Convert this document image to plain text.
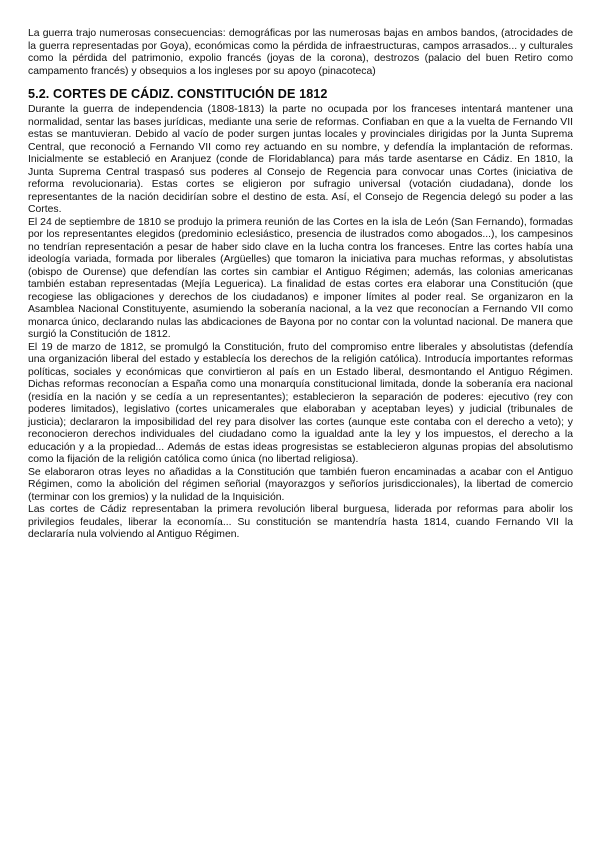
La guerra trajo numerosas consecuencias: demográficas por las numerosas bajas en ambos bandos, (atrocidades de la guerra representadas por Goya), económicas como la pérdida de infraestructuras, campos arrasados... y culturales como la pérdida del patrimonio, expolio francés (joyas de la corona), destrozos (palacio del buen Retiro como campamento francés) y obsequios a los ingleses por su apoyo (pinacoteca)

5.2. CORTES DE CÁDIZ. CONSTITUCIÓN DE 1812

Durante la guerra de independencia (1808-1813) la parte no ocupada por los franceses intentará mantener una normalidad, sentar las bases jurídicas, mediante una serie de reformas. Confiaban en que a la vuelta de Fernando VII estas se mantuvieran. Debido al vacío de poder surgen juntas locales y provinciales dirigidas por la Junta Suprema Central, que reconoció a Fernando VII como rey actuando en su nombre, y defendía la implantación de reformas. Inicialmente se estableció en Aranjuez (conde de Floridablanca) para más tarde asentarse en Cádiz. En 1810, la Junta Suprema Central traspasó sus poderes al Consejo de Regencia para convocar unas Cortes (iniciativa de reforma revolucionaria). Estas cortes se eligieron por sufragio universal (votación ciudadana), donde los representantes de la nación decidirían sobre el destino de esta. Así, el Consejo de Regencia delegó su poder a las Cortes.

El 24 de septiembre de 1810 se produjo la primera reunión de las Cortes en la isla de León (San Fernando), formadas por los representantes elegidos (predominio eclesiástico, presencia de ilustrados como abogados...), los campesinos no tendrían representación a pesar de haber sido clave en la lucha contra los franceses. Entre las cortes había una ideología variada, formada por liberales (Argüelles) que tomaron la iniciativa para muchas reformas, y absolutistas (obispo de Ourense) que defendían las cortes sin cambiar el Antiguo Régimen; además, las colonias americanas también estaban representadas (Mejía Leguerica). La finalidad de estas cortes era elaborar una Constitución (que recogiese las obligaciones y derechos de los ciudadanos) e imponer límites al poder real. Se organizaron en la Asamblea Nacional Constituyente, asumiendo la soberanía nacional, a la vez que reconocían a Fernando VII como monarca único, declarando nulas las abdicaciones de Bayona por no contar con la voluntad nacional. De manera que surgió la Constitución de 1812.

El 19 de marzo de 1812, se promulgó la Constitución, fruto del compromiso entre liberales y absolutistas (defendía una organización liberal del estado y establecía los derechos de la religión católica). Introducía importantes reformas políticas, sociales y económicas que convirtieron al país en un Estado liberal, desmontando el Antiguo Régimen. Dichas reformas reconocían a España como una monarquía constitucional limitada, donde la soberanía era nacional (residía en la nación y se cedía a un representantes); establecieron la separación de poderes: ejecutivo (rey con poderes limitados), legislativo (cortes unicamerales que elaboraban y aceptaban leyes) y judicial (tribunales de justicia); declararon la imposibilidad del rey para disolver las cortes (aunque este contaba con el derecho a veto); y reconocieron derechos individuales del ciudadano como la igualdad ante la ley y los impuestos, el derecho a la educación y a la propiedad... Además de estas ideas progresistas se establecieron algunas propias del absolutismo como la fijación de la religión católica como única (no libertad religiosa).

Se elaboraron otras leyes no añadidas a la Constitución que también fueron encaminadas a acabar con el Antiguo Régimen, como la abolición del régimen señorial (mayorazgos y señoríos jurisdiccionales), la libertad de comercio (terminar con los gremios) y la nulidad de la Inquisición.

Las cortes de Cádiz representaban la primera revolución liberal burguesa, liderada por reformas para abolir los privilegios feudales, liberar la economía... Su constitución se mantendría hasta 1814, cuando Fernando VII la declararía nula volviendo al Antiguo Régimen.
